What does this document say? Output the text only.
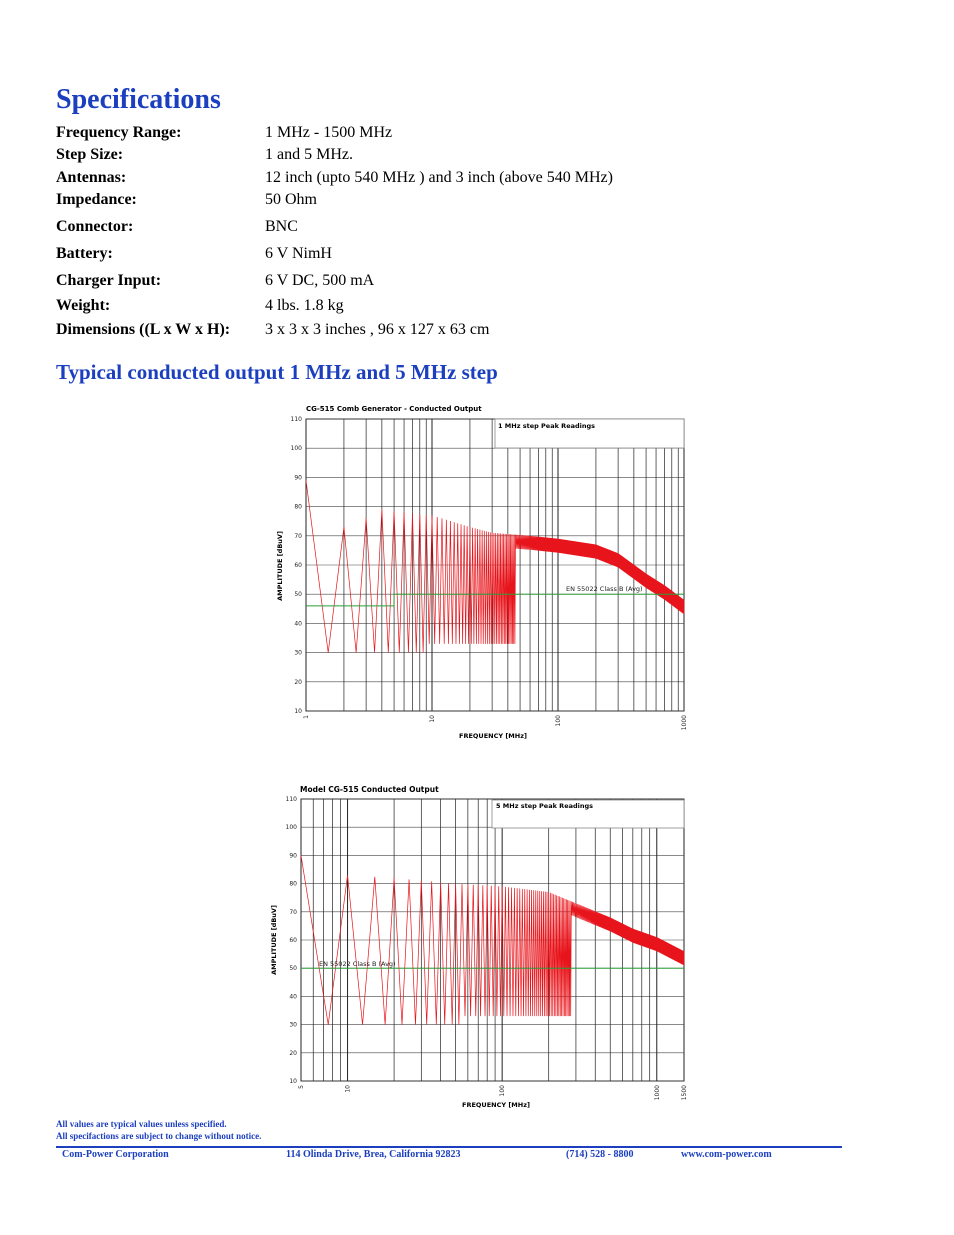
Specifications
Frequency Range:	1 MHz - 1500 MHz
Step Size:	1 and 5 MHz.
Antennas:	12 inch (upto 540 MHz ) and 3 inch (above 540 MHz)
Impedance:	50 Ohm
Connector:	BNC
Battery:	6 V NimH
Charger Input:	6 V DC, 500 mA
Weight:	4 lbs. 1.8 kg
Dimensions ((L x W x H): 3 x 3 x 3 inches , 96 x 127 x 63 cm
Typical conducted output 1 MHz and 5 MHz step
CG-515 Comb Generator - Conducted Output
10
20
30
40
50
60
70
80
90
100
110
1	10	100	1000
1 MHz step Peak Readings
EN 55022 Class B (Avg)
FREQUENCY [MHz]
AMPLITUDE [dBuV]
Model CG-515 Conducted Output
10
20
30
40
50
60
70
80
90
100
110
5	10	100	1000	1500
5 MHz step Peak Readings
EN 55022 Class B (Avg)
FREQUENCY [MHz]
AMPLITUDE [dBuV]
All values are typical values unless specified.
All specifactions are subject to change without notice.
Com-Power Corporation	114 Olinda Drive, Brea, California 92823	(714) 528 - 8800	www.com-power.com
